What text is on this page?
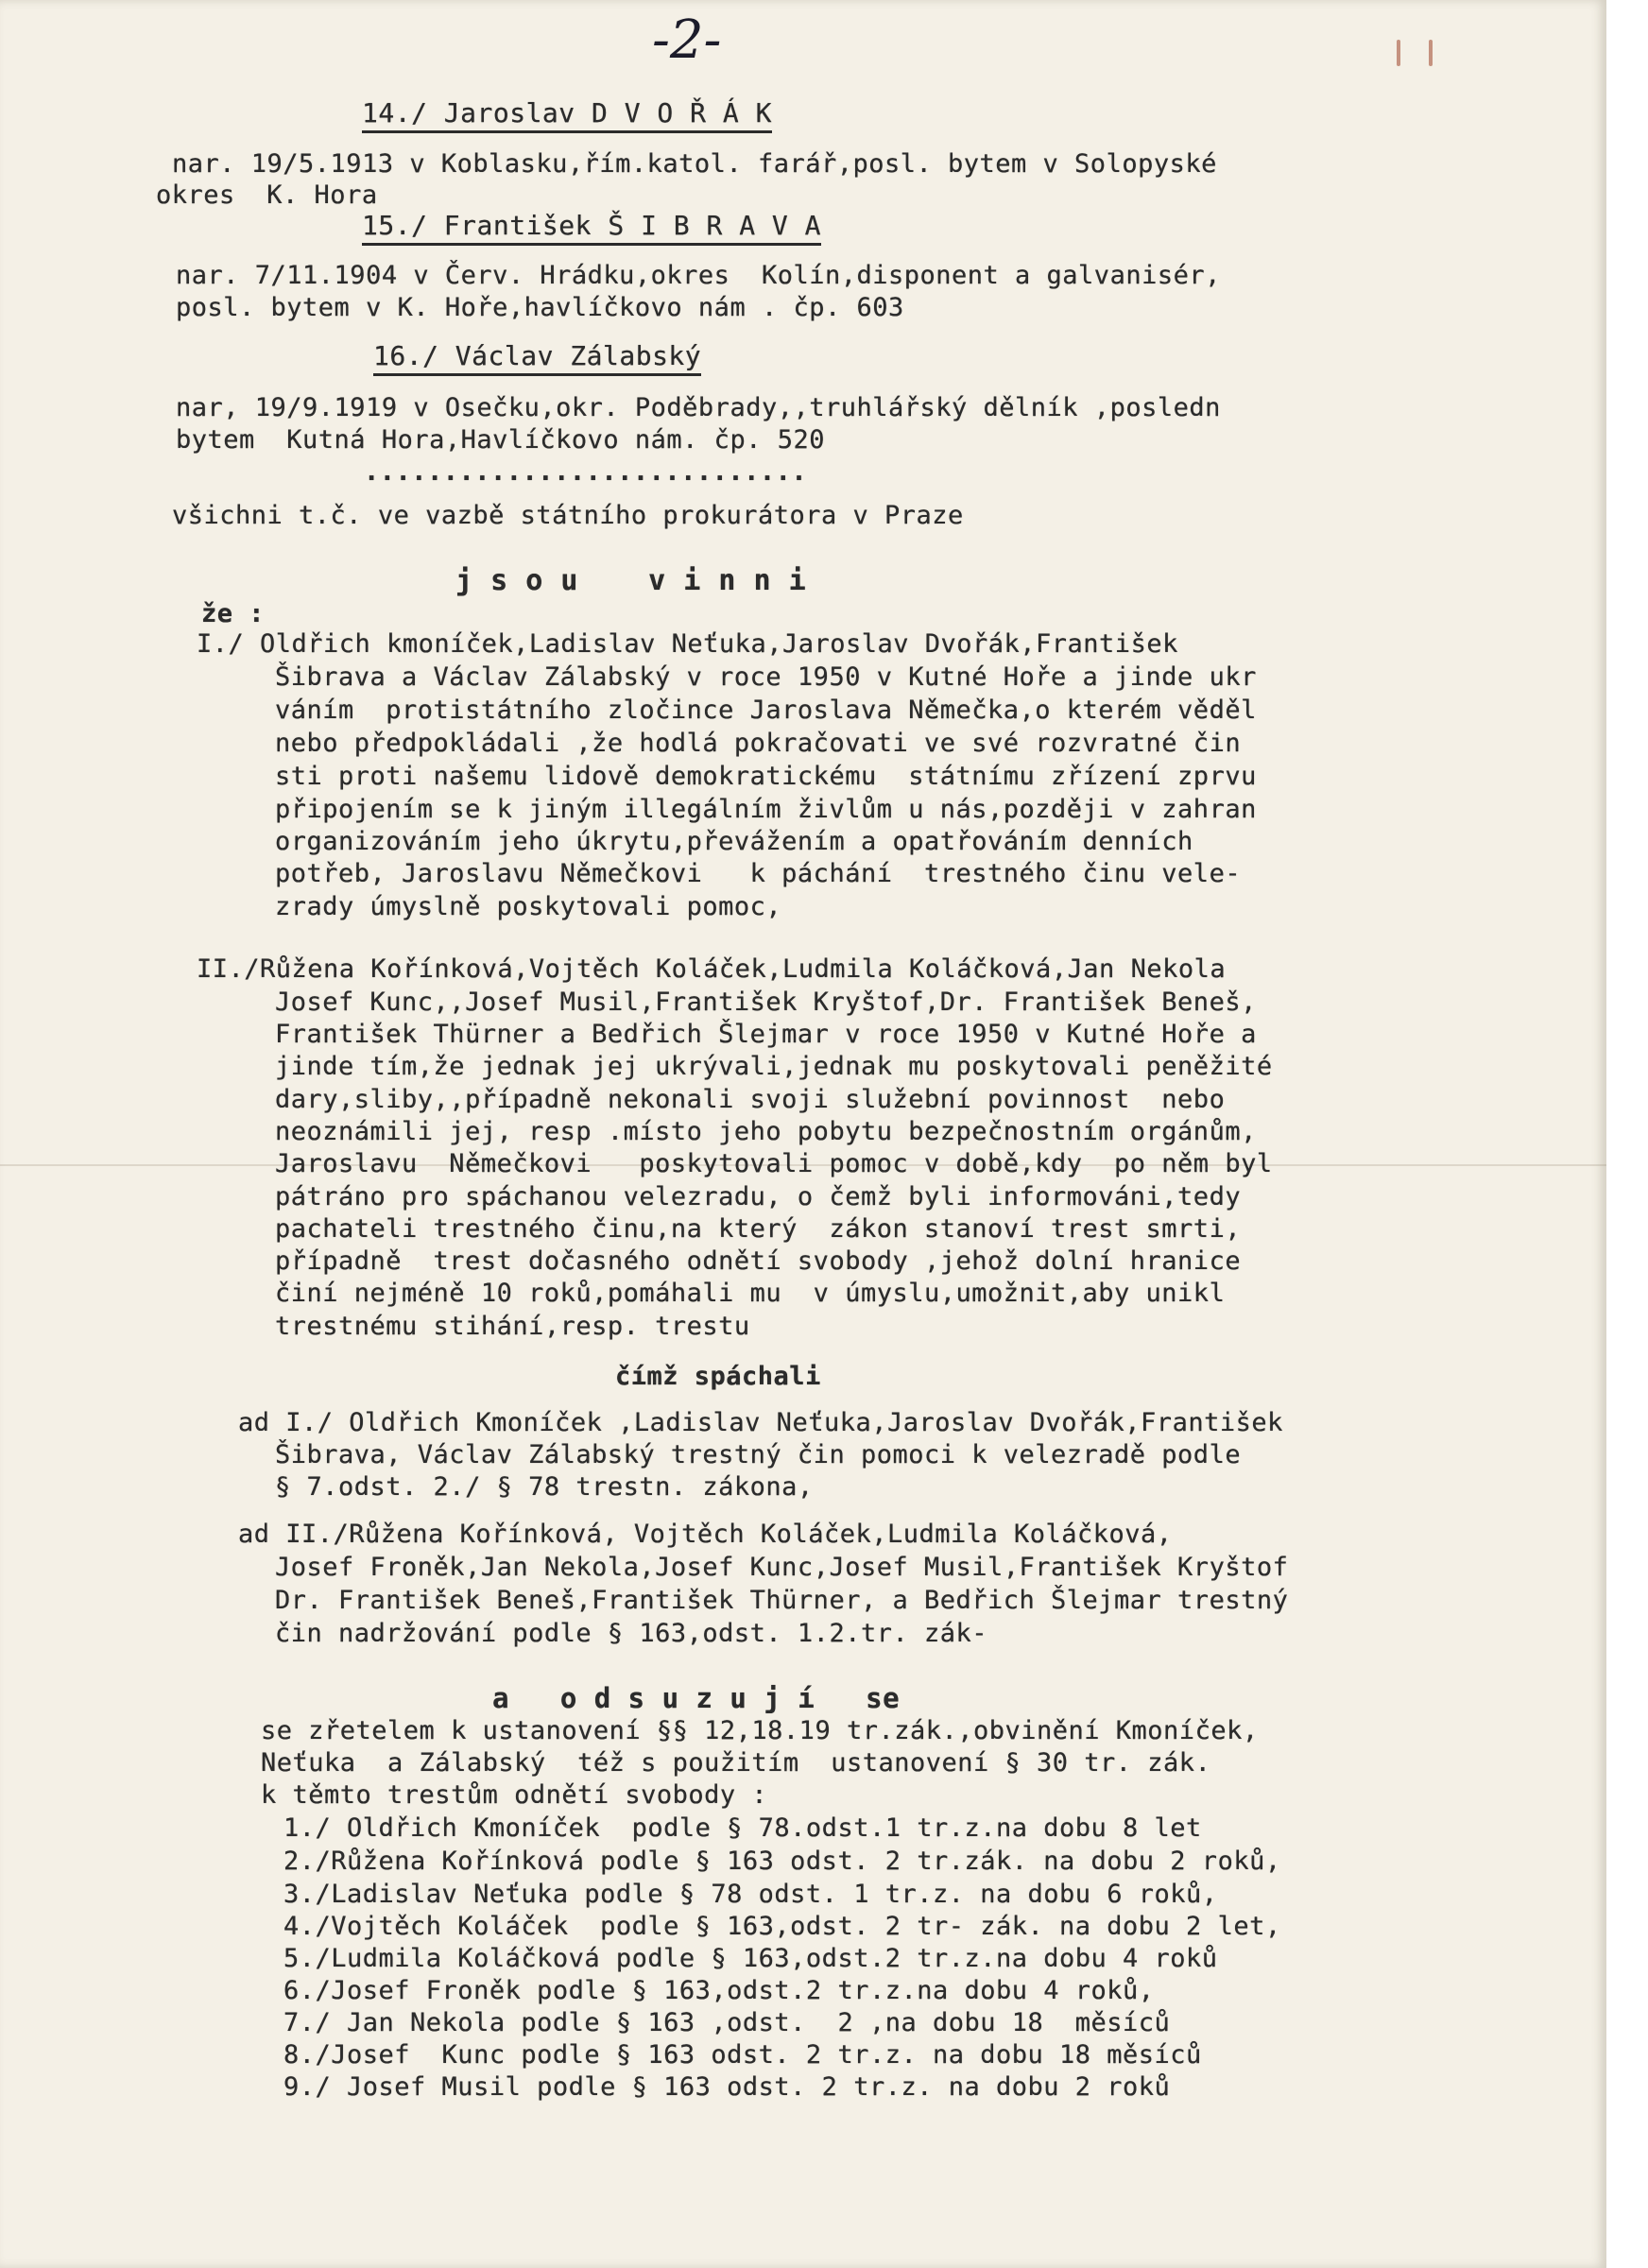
-2-

14./ Jaroslav D V O Ř Á K

nar. 19/5.1913 v Koblasku,řím.katol. farář,posl. bytem v Solopyské

okres  K. Hora

15./ František Š I B R A V A

nar. 7/11.1904 v Červ. Hrádku,okres  Kolín,disponent a galvanisér,

posl. bytem v K. Hoře,havlíčkovo nám . čp. 603

16./ Václav Zálabský

nar, 19/9.1919 v Osečku,okr. Poděbrady,,truhlářský dělník ,posledn

bytem  Kutná Hora,Havlíčkovo nám. čp. 520

............................

všichni t.č. ve vazbě státního prokurátora v Praze

j s o u    v i n n i

že :

I./ Oldřich kmoníček,Ladislav Neťuka,Jaroslav Dvořák,František

Šibrava a Václav Zálabský v roce 1950 v Kutné Hoře a jinde ukr

váním  protistátního zločince Jaroslava Němečka,o kterém věděl

nebo předpokládali ,že hodlá pokračovati ve své rozvratné čin

sti proti našemu lidově demokratickému  státnímu zřízení zprvu

připojením se k jiným illegálním živlům u nás,později v zahran

organizováním jeho úkrytu,převážením a opatřováním denních

potřeb, Jaroslavu Němečkovi   k páchání  trestného činu vele-

zrady úmyslně poskytovali pomoc,

II./Růžena Kořínková,Vojtěch Koláček,Ludmila Koláčková,Jan Nekola

Josef Kunc,,Josef Musil,František Kryštof,Dr. František Beneš,

František Thürner a Bedřich Šlejmar v roce 1950 v Kutné Hoře a

jinde tím,že jednak jej ukrývali,jednak mu poskytovali peněžité

dary,sliby,,případně nekonali svoji služební povinnost  nebo

neoznámili jej, resp .místo jeho pobytu bezpečnostním orgánům,

Jaroslavu  Němečkovi   poskytovali pomoc v době,kdy  po něm byl

pátráno pro spáchanou velezradu, o čemž byli informováni,tedy

pachateli trestného činu,na který  zákon stanoví trest smrti,

případně  trest dočasného odnětí svobody ,jehož dolní hranice

činí nejméně 10 roků,pomáhali mu  v úmyslu,umožnit,aby unikl

trestnému stihání,resp. trestu

čímž spáchali

ad I./ Oldřich Kmoníček ,Ladislav Neťuka,Jaroslav Dvořák,František

Šibrava, Václav Zálabský trestný čin pomoci k velezradě podle

§ 7.odst. 2./ § 78 trestn. zákona,

ad II./Růžena Kořínková, Vojtěch Koláček,Ludmila Koláčková,

Josef Froněk,Jan Nekola,Josef Kunc,Josef Musil,František Kryštof

Dr. František Beneš,František Thürner, a Bedřich Šlejmar trestný

čin nadržování podle § 163,odst. 1.2.tr. zák-

a   o d s u z u j í   se

se zřetelem k ustanovení §§ 12,18.19 tr.zák.,obvinění Kmoníček,

Neťuka  a Zálabský  též s použitím  ustanovení § 30 tr. zák.

k těmto trestům odnětí svobody :

1./ Oldřich Kmoníček  podle § 78.odst.1 tr.z.na dobu 8 let

2./Růžena Kořínková podle § 163 odst. 2 tr.zák. na dobu 2 roků,

3./Ladislav Neťuka podle § 78 odst. 1 tr.z. na dobu 6 roků,

4./Vojtěch Koláček  podle § 163,odst. 2 tr- zák. na dobu 2 let,

5./Ludmila Koláčková podle § 163,odst.2 tr.z.na dobu 4 roků

6./Josef Froněk podle § 163,odst.2 tr.z.na dobu 4 roků,

7./ Jan Nekola podle § 163 ,odst.  2 ,na dobu 18  měsíců

8./Josef  Kunc podle § 163 odst. 2 tr.z. na dobu 18 měsíců

9./ Josef Musil podle § 163 odst. 2 tr.z. na dobu 2 roků
